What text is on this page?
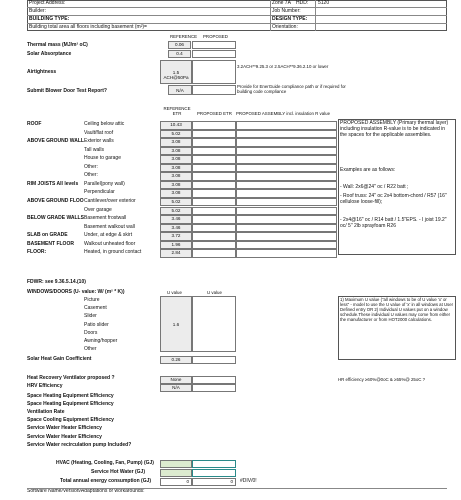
Project Address:
Builder:
BUILDING TYPE:
Building total area all floors including basement (m²)=
Zone 7A HDD: 5120
Job Number:
DESIGN TYPE:
Orientation:
REFERENCE PROPOSED
Thermal mass (MJ/m² oC)	0.06
Solar Absorptance	0.4
Airtightness	1.5 ACH@50Pa
3.2ACH**9.25.3 or 2.5ACH**9.36.2.10 or lower
Submit Blower Door Test Report?	N/A
Provide for EnerGuide compliance path or if required for building code compliance
REFERENCE ETR	PROPOSED ETR PROPOSED ASSEMBLY incl. insulation R value
ROOF	Ceiling below attic	10.43
Vault/flat roof	5.02
ABOVE GROUND WALL Exterior walls	3.08
Tall walls	3.08
House to garage	3.08
Other:	3.08
Other:	3.08
RIM JOISTS All levels Parallel(pony wall)	3.08
Perpendicular	3.08
ABOVE GROUND FLOO Cantilever/over exterior	5.02
Over garage	5.02
BELOW GRADE WALLS Basement frostwall	3.46
Basement walkout wall	3.46
SLAB on GRADE	Under, at edge & skirt	3.72
BASEMENT FLOOR Walkout unheated floor	1.96
FLOOR:	Heated, in ground contact	2.84
PROPOSED ASSEMBLY (Primary thermal layer) including insulation R-value is to be indicated in the spaces for the applicable assemblies.
Examples are as follows:
- Wall: 2x6@24" oc / R22 batt ;
- Roof truss: 24" oc 2x4 bottom-chord / R57 (16" cellulose loose-fill);
- 2x4@16" oc / R14 batt / 1.5"EPS. - I joist 19.2" oc/ 5" 2lb sprayfoam R26
FDWR: see 9.36.5.14.(10)
WINDOWS/DOORS (U- value: W/ (m² * K))	U value	U value
1.6
Picture
Casement
Slider
Patio slider
Doors
Awning/hopper
Other
1) Maximum U value ("all windows to be of U value 'x' or less" - model to use the U value of 'x' in all windows at User Defined entry OR 2) Individual U values put on a window schedule.These individual U values may come from either the manufacturer or from HOT2000 calculations.
Solar Heat Gain Coefficient	0.26
Heat Recovery Ventilator proposed ?	None	HR efficiency ≥60%@0oC & ≥55%@ 25oC ?
HRV Efficiency	N/A
Space Heating Equipment Efficiency
Space Heating Equipment Efficiency
Ventilation Rate
Space Cooling Equipment Efficiency
Service Water Heater Efficiency
Service Water Heater Efficiency
Service Water recirculation pump Included?
HVAC (Heating, Cooling, Fan, Pump) (GJ)
Service Hot Water (GJ)
Total annual energy consumption (GJ)	0	0	#DIV/0!
Software Name/Version/Adaptations or workarounds:
